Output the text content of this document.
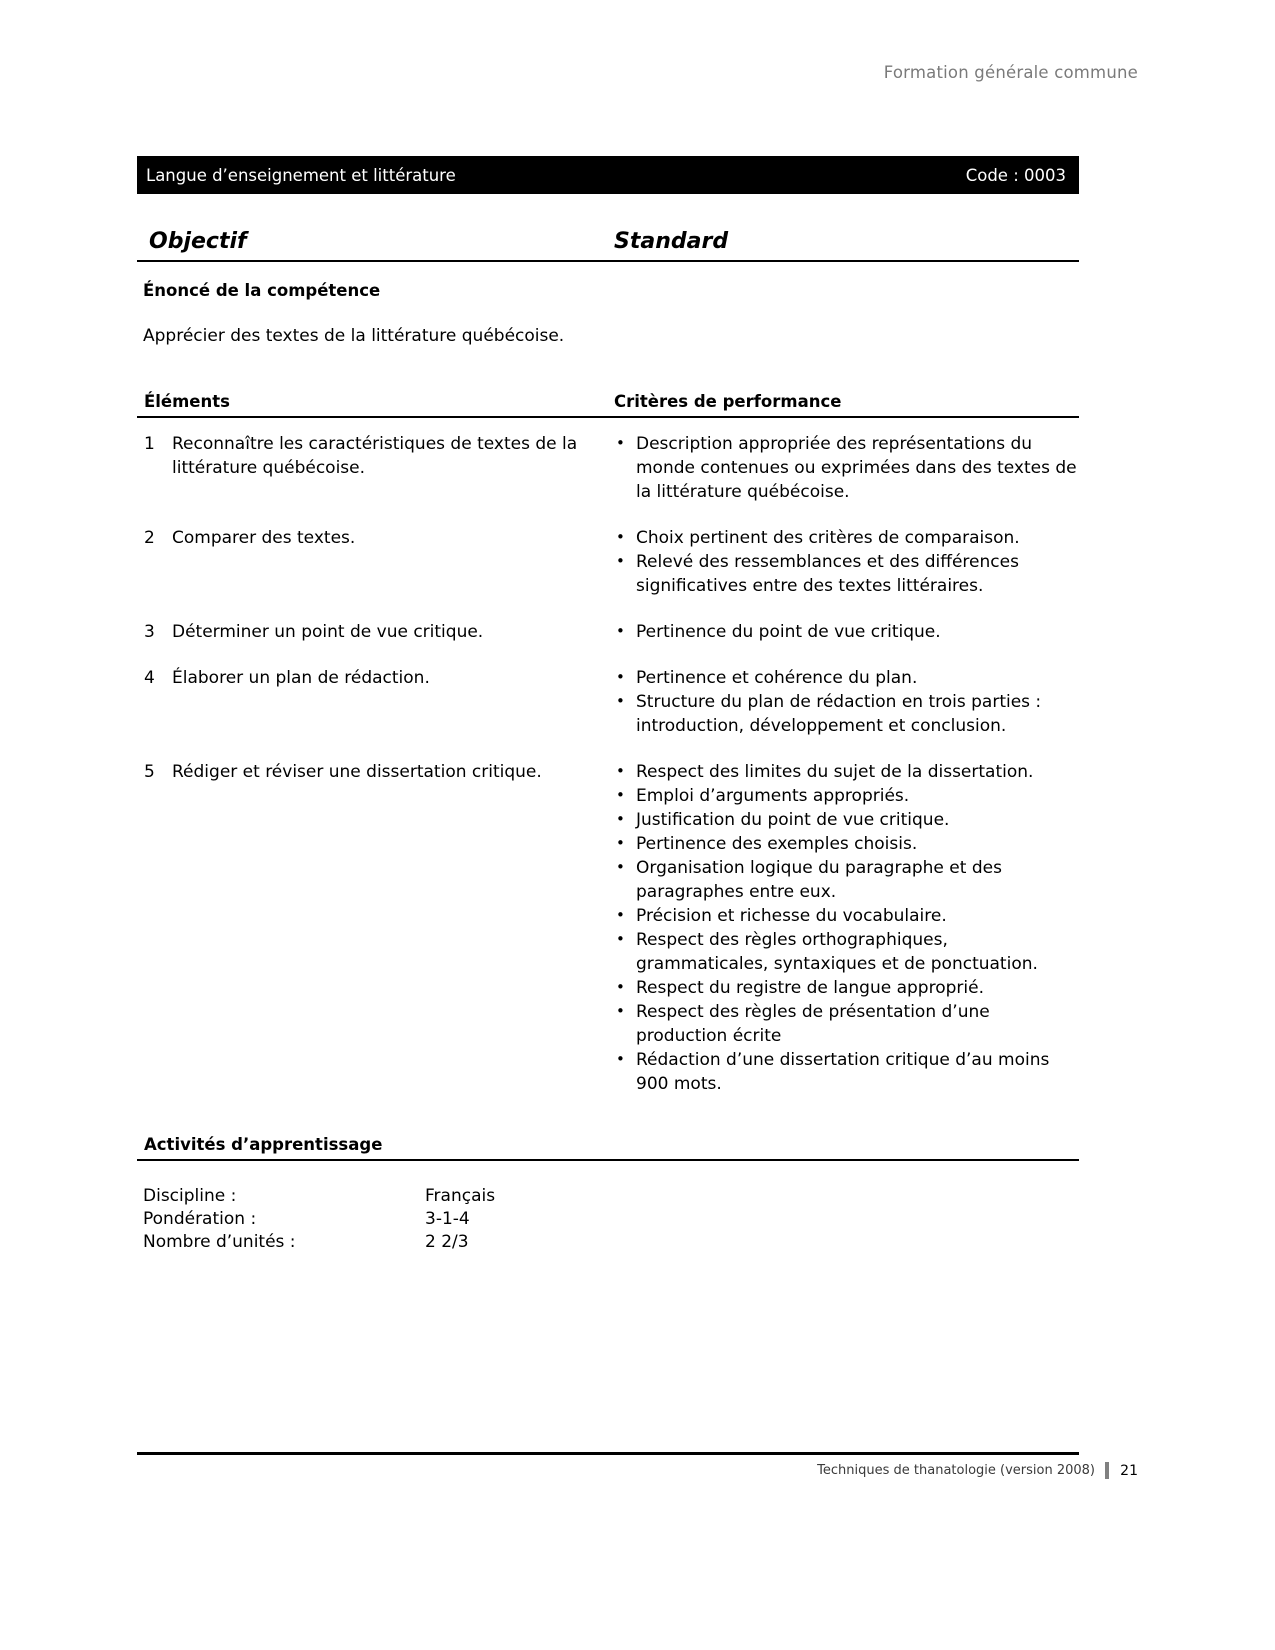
Formation générale commune
Langue d’enseignement et littérature	Code : 0003
Objectif	Standard
Énoncé de la compétence
Apprécier des textes de la littérature québécoise.
Éléments	Critères de performance
1	Reconnaître les caractéristiques de textes de la littérature québécoise.
• Description appropriée des représentations du monde contenues ou exprimées dans des textes de la littérature québécoise.
2	Comparer des textes.	• Choix pertinent des critères de comparaison.
• Relevé des ressemblances et des différences significatives entre des textes littéraires.
3	Déterminer un point de vue critique.	• Pertinence du point de vue critique.
4	Élaborer un plan de rédaction.	• Pertinence et cohérence du plan.
• Structure du plan de rédaction en trois parties : introduction, développement et conclusion.
5	Rédiger et réviser une dissertation critique.	• Respect des limites du sujet de la dissertation.
• Emploi d’arguments appropriés.
• Justification du point de vue critique.
• Pertinence des exemples choisis.
• Organisation logique du paragraphe et des paragraphes entre eux.
• Précision et richesse du vocabulaire.
• Respect des règles orthographiques, grammaticales, syntaxiques et de ponctuation.
• Respect du registre de langue approprié.
• Respect des règles de présentation d’une production écrite
• Rédaction d’une dissertation critique d’au moins 900 mots.
Activités d’apprentissage
Discipline :	Français
Pondération :	3-1-4
Nombre d’unités :	2 2/3
Techniques de thanatologie (version 2008)	21
